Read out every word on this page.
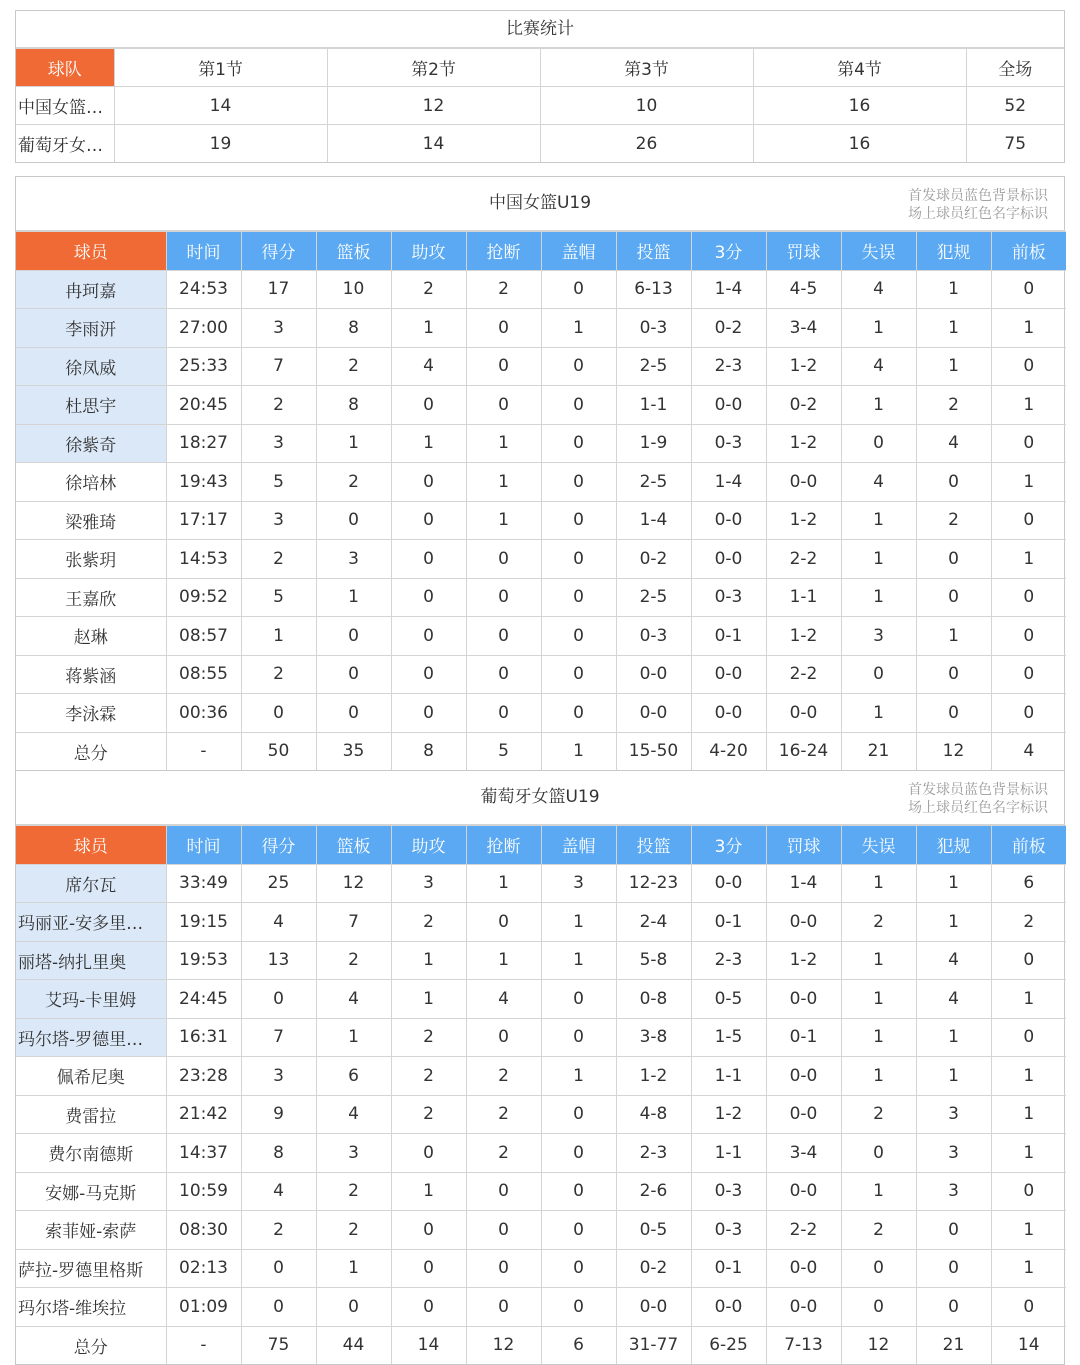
比赛统计
球队	第1节	第2节	第3节	第4节	全场
中国女篮…	14	12	10	16	52
葡萄牙女…	19	14	26	16	75
中国女篮U19	首发球员蓝色背景标识
场上球员红色名字标识
球员	时间	得分	篮板	助攻	抢断	盖帽	投篮	3分	罚球	失误	犯规	前板
冉珂嘉	24:53	17	10	2	2	0	6-13	1-4	4-5	4	1	0
李雨汧	27:00	3	8	1	0	1	0-3	0-2	3-4	1	1	1
徐凤威	25:33	7	2	4	0	0	2-5	2-3	1-2	4	1	0
杜思宇	20:45	2	8	0	0	0	1-1	0-0	0-2	1	2	1
徐紫奇	18:27	3	1	1	1	0	1-9	0-3	1-2	0	4	0
徐培林	19:43	5	2	0	1	0	2-5	1-4	0-0	4	0	1
梁雅琦	17:17	3	0	0	1	0	1-4	0-0	1-2	1	2	0
张紫玥	14:53	2	3	0	0	0	0-2	0-0	2-2	1	0	1
王嘉欣	09:52	5	1	0	0	0	2-5	0-3	1-1	1	0	0
赵琳	08:57	1	0	0	0	0	0-3	0-1	1-2	3	1	0
蒋紫涵	08:55	2	0	0	0	0	0-0	0-0	2-2	0	0	0
李泳霖	00:36	0	0	0	0	0	0-0	0-0	0-0	1	0	0
总分	-	50	35	8	5	1	15-50	4-20	16-24	21	12	4
葡萄牙女篮U19	首发球员蓝色背景标识
场上球员红色名字标识
球员	时间	得分	篮板	助攻	抢断	盖帽	投篮	3分	罚球	失误	犯规	前板
席尔瓦	33:49	25	12	3	1	3	12-23	0-0	1-4	1	1	6
玛丽亚-安多里…	19:15	4	7	2	0	1	2-4	0-1	0-0	2	1	2
丽塔-纳扎里奥	19:53	13	2	1	1	1	5-8	2-3	1-2	1	4	0
艾玛-卡里姆	24:45	0	4	1	4	0	0-8	0-5	0-0	1	4	1
玛尔塔-罗德里…	16:31	7	1	2	0	0	3-8	1-5	0-1	1	1	0
佩希尼奥	23:28	3	6	2	2	1	1-2	1-1	0-0	1	1	1
费雷拉	21:42	9	4	2	2	0	4-8	1-2	0-0	2	3	1
费尔南德斯	14:37	8	3	0	2	0	2-3	1-1	3-4	0	3	1
安娜-马克斯	10:59	4	2	1	0	0	2-6	0-3	0-0	1	3	0
索菲娅-索萨	08:30	2	2	0	0	0	0-5	0-3	2-2	2	0	1
萨拉-罗德里格斯	02:13	0	1	0	0	0	0-2	0-1	0-0	0	0	1
玛尔塔-维埃拉	01:09	0	0	0	0	0	0-0	0-0	0-0	0	0	0
总分	-	75	44	14	12	6	31-77	6-25	7-13	12	21	14
